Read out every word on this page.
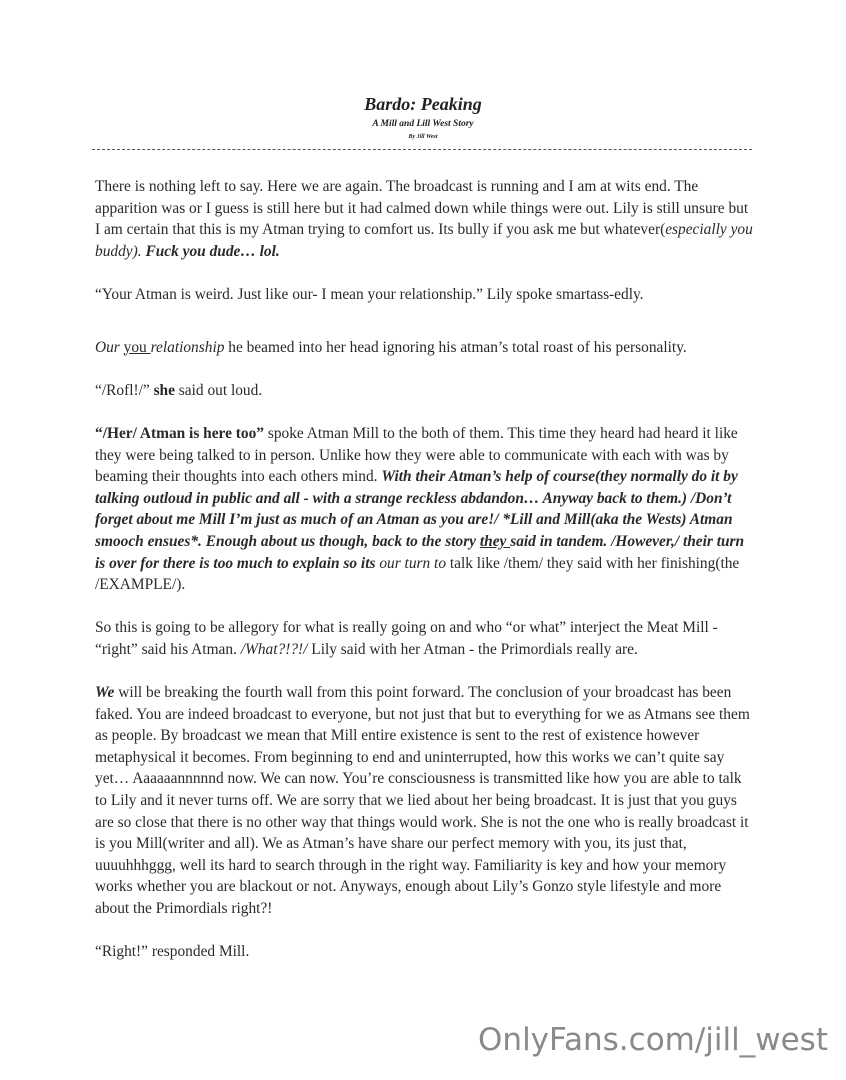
Bardo: Peaking
A Mill and Lill West Story
By Jill West

There is nothing left to say. Here we are again. The broadcast is running and I am at wits end. The apparition was or I guess is still here but it had calmed down while things were out. Lily is still unsure but I am certain that this is my Atman trying to comfort us. Its bully if you ask me but whatever(especially you buddy). Fuck you dude… lol.

“Your Atman is weird. Just like our- I mean your relationship.” Lily spoke smartass-edly.

Our you relationship he beamed into her head ignoring his atman’s total roast of his personality.

“/Rofl!/” she said out loud.

“/Her/ Atman is here too” spoke Atman Mill to the both of them. This time they heard had heard it like they were being talked to in person. Unlike how they were able to communicate with each with was by beaming their thoughts into each others mind. With their Atman’s help of course(they normally do it by talking outloud in public and all - with a strange reckless abdandon… Anyway back to them.) /Don’t forget about me Mill I’m just as much of an Atman as you are!/ *Lill and Mill(aka the Wests) Atman smooch ensues*. Enough about us though, back to the story they said in tandem. /However,/ their turn is over for there is too much to explain so its our turn to talk like /them/ they said with her finishing(the /EXAMPLE/).

So this is going to be allegory for what is really going on and who “or what” interject the Meat Mill - “right” said his Atman. /What?!?!/ Lily said with her Atman - the Primordials really are.

We will be breaking the fourth wall from this point forward. The conclusion of your broadcast has been faked. You are indeed broadcast to everyone, but not just that but to everything for we as Atmans see them as people. By broadcast we mean that Mill entire existence is sent to the rest of existence however metaphysical it becomes. From beginning to end and uninterrupted, how this works we can’t quite say yet… Aaaaaannnnnd now. We can now. You’re consciousness is transmitted like how you are able to talk to Lily and it never turns off. We are sorry that we lied about her being broadcast. It is just that you guys are so close that there is no other way that things would work. She is not the one who is really broadcast it is you Mill(writer and all). We as Atman’s have share our perfect memory with you, its just that, uuuuhhhggg, well its hard to search through in the right way. Familiarity is key and how your memory works whether you are blackout or not. Anyways, enough about Lily’s Gonzo style lifestyle and more about the Primordials right?!

“Right!” responded Mill.

OnlyFans.com/jill_west
